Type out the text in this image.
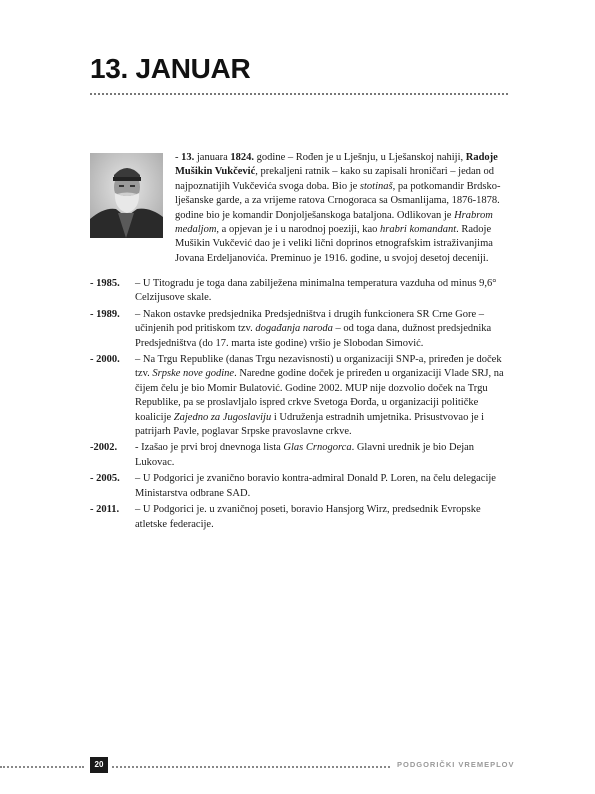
13. JANUAR

- 13. januara 1824. godine – Rođen je u Lješnju, u Lješanskoj nahiji, Radoje Mušikin Vukčević, prekaljeni ratnik – kako su zapisali hroničari – jedan od najpoznatijih Vukčevića svoga doba. Bio je stotinaš, pa potkomandir Brdsko-lješanske garde, a za vrijeme ratova Crnogoraca sa Osmanlijama, 1876-1878. godine bio je komandir Donjolješanskoga bataljona. Odlikovan je Hrabrom medaljom, a opjevan je i u narodnoj poeziji, kao hrabri komandant. Radoje Mušikin Vukčević dao je i veliki lični doprinos etnografskim istraživanjima Jovana Erdeljanovića. Preminuo je 1916. godine, u svojoj desetoj deceniji.

- 1985.	– U Titogradu je toga dana zabilježena minimalna temperatura vazduha od minus 9,6° Celzijusove skale.
- 1989.	– Nakon ostavke predsjednika Predsjedništva i drugih funkcionera SR Crne Gore – učinjenih pod pritiskom tzv. događanja naroda – od toga dana, dužnost predsjednika Predsjedništva (do 17. marta iste godine) vršio je Slobodan Simović.
- 2000.	– Na Trgu Republike (danas Trgu nezavisnosti) u organizaciji SNP-a, priređen je doček tzv. Srpske nove godine. Naredne godine doček je priređen u organizaciji Vlade SRJ, na čijem čelu je bio Momir Bulatović. Godine 2002. MUP nije dozvolio doček na Trgu Republike, pa se proslavljalo ispred crkve Svetoga Đorđa, u organizaciji političke koalicije Zajedno za Jugoslaviju i Udruženja estradnih umjetnika. Prisustvovao je i patrijarh Pavle, poglavar Srpske pravoslavne crkve.
-2002.	- Izašao je prvi broj dnevnoga lista Glas Crnogorca. Glavni urednik je bio Dejan Lukovac.
- 2005.	– U Podgorici je zvanično boravio kontra-admiral Donald P. Loren, na čelu delegacije Ministarstva odbrane SAD.
- 2011.	– U Podgorici je. u zvaničnoj poseti, boravio Hansjorg Wirz, predsednik Evropske atletske federacije.
20	PODGORIČKI VREMEPLOV
